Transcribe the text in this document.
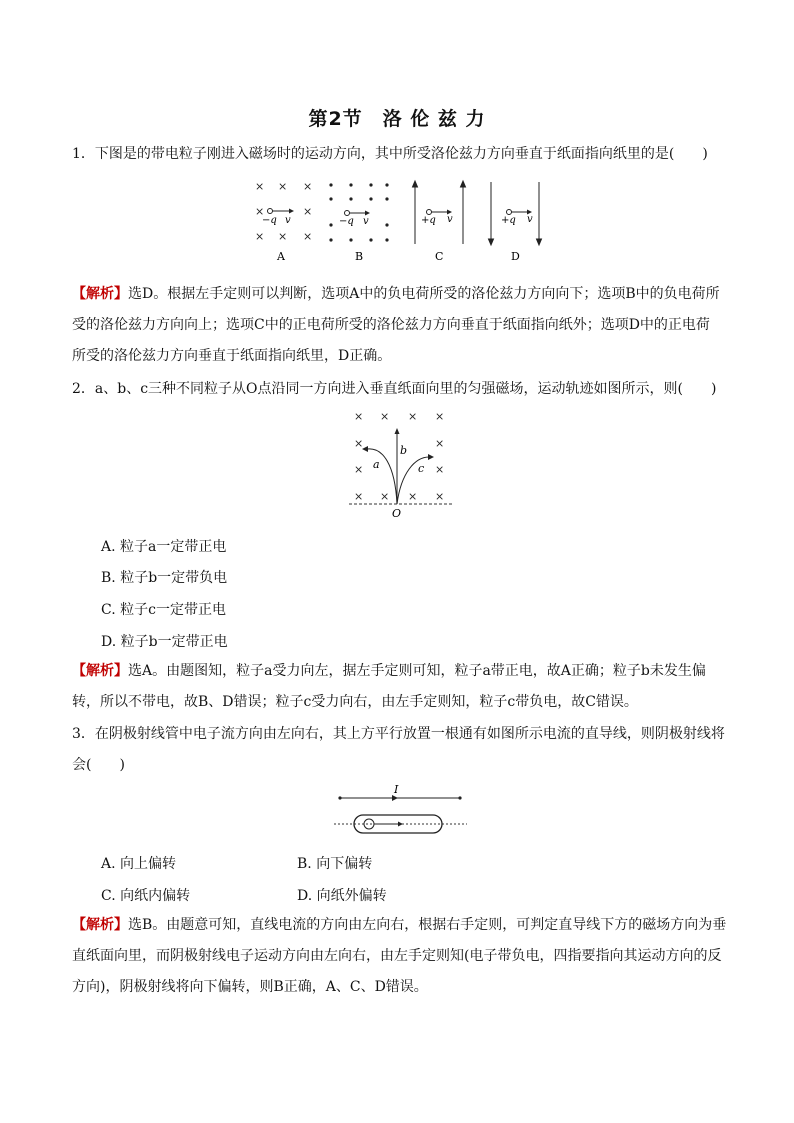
第2节　洛 伦 兹 力
1．下图是的带电粒子刚进入磁场时的运动方向，其中所受洛伦兹力方向垂直于纸面指向纸里的是(　　)
× × ×
×	×
× × ×
−q v
A
−q v
B
+q v
C
+q v
D
【解析】选D。根据左手定则可以判断，选项A中的负电荷所受的洛伦兹力方向向下；选项B中的负电荷所
受的洛伦兹力方向向上；选项C中的正电荷所受的洛伦兹力方向垂直于纸面指向纸外；选项D中的正电荷
所受的洛伦兹力方向垂直于纸面指向纸里，D正确。
2．a、b、c三种不同粒子从O点沿同一方向进入垂直纸面向里的匀强磁场，运动轨迹如图所示，则(　　)
× × × ×
×	×
×	×
× × × ×
a
b
c
O
A. 粒子a一定带正电
B. 粒子b一定带负电
C. 粒子c一定带正电
D. 粒子b一定带正电
【解析】选A。由题图知，粒子a受力向左，据左手定则可知，粒子a带正电，故A正确；粒子b未发生偏
转，所以不带电，故B、D错误；粒子c受力向右，由左手定则知，粒子c带负电，故C错误。
3．在阴极射线管中电子流方向由左向右，其上方平行放置一根通有如图所示电流的直导线，则阴极射线将
会(　　)
I
A. 向上偏转	B. 向下偏转
C. 向纸内偏转	D. 向纸外偏转
【解析】选B。由题意可知，直线电流的方向由左向右，根据右手定则，可判定直导线下方的磁场方向为垂
直纸面向里，而阴极射线电子运动方向由左向右，由左手定则知(电子带负电，四指要指向其运动方向的反
方向)，阴极射线将向下偏转，则B正确，A、C、D错误。
